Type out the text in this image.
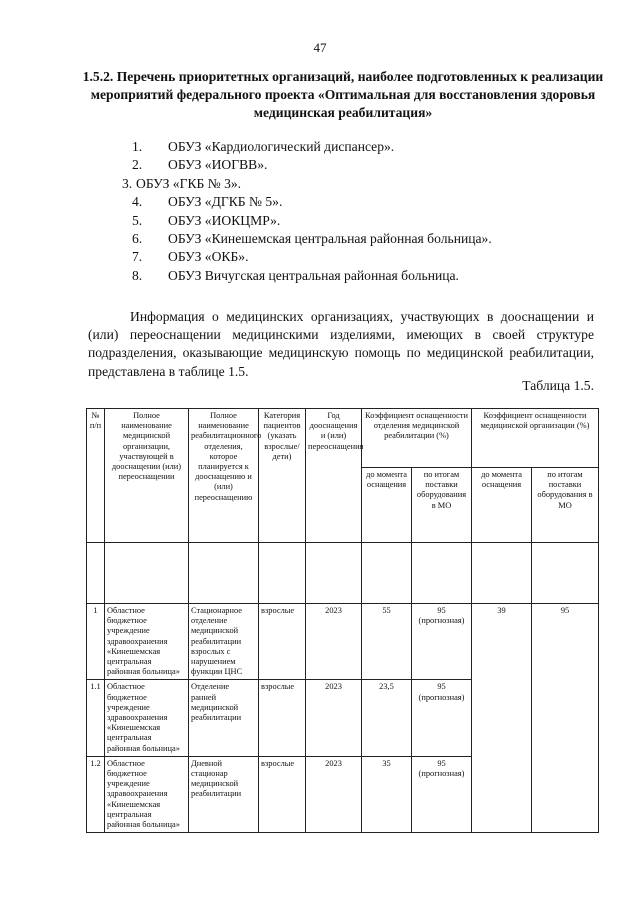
47
1.5.2. Перечень приоритетных организаций, наиболее подготовленных к реализации мероприятий федерального проекта «Оптимальная для восстановления здоровья медицинская реабилитация»
1. ОБУЗ «Кардиологический диспансер».
2. ОБУЗ «ИОГВВ».
3. ОБУЗ «ГКБ № 3».
4. ОБУЗ «ДГКБ № 5».
5. ОБУЗ «ИОКЦМР».
6. ОБУЗ «Кинешемская центральная районная больница».
7. ОБУЗ «ОКБ».
8. ОБУЗ Вичугская центральная районная больница.

Информация о медицинских организациях, участвующих в дооснащении и (или) переоснащении медицинскими изделиями, имеющих в своей структуре подразделения, оказывающие медицинскую помощь по медицинской реабилитации, представлена в таблице 1.5.

Таблица 1.5.
№ п/п	Полное наименование медицинской организации, участвующей в дооснащении (или) переоснащении	Полное наименование реабилитационного отделения, которое планируется к дооснащению и (или) переоснащению	Категория пациентов (указать взрослые/дети)	Год дооснащения и (или) переоснащения	Коэффициент оснащенности отделения медицинской реабилитации (%)		Коэффициент оснащенности медицинской организации (%)	
					до момента оснащения	по итогам поставки оборудования в МО	до момента оснащения	по итогам поставки оборудования в МО

1	Областное бюджетное учреждение здравоохранения «Кинешемская центральная районная больница»	Стационарное отделение медицинской реабилитации взрослых с нарушением функции ЦНС	взрослые	2023	55	95 (прогнозная)	39	95
1.1	Областное бюджетное учреждение здравоохранения «Кинешемская центральная районная больница»	Отделение ранней медицинской реабилитации	взрослые	2023	23,5	95 (прогнозная)		
1.2	Областное бюджетное учреждение здравоохранения «Кинешемская центральная районная больница»	Дневной стационар медицинской реабилитации	взрослые	2023	35	95 (прогнозная)		
